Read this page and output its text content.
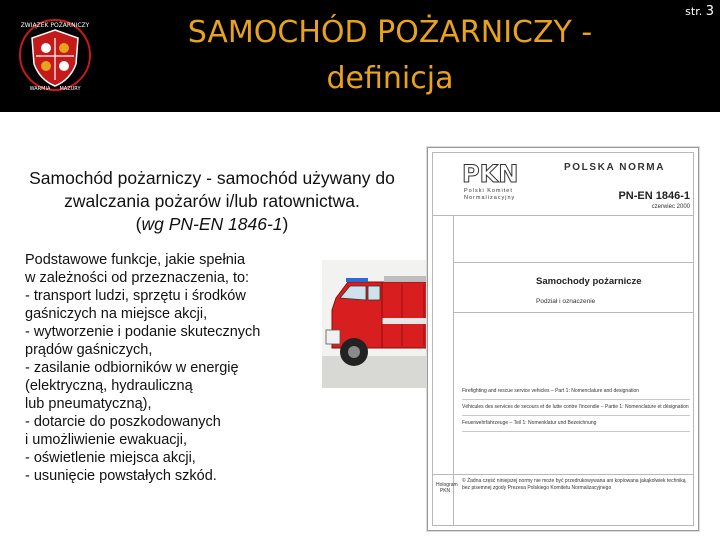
ZWIĄZEK POŻARNICZY
WARMIA MAZURY
SAMOCHÓD POŻARNICZY -
definicja
str. 3
Samochód pożarniczy - samochód używany do zwalczania pożarów i/lub ratownictwa.
(wg PN-EN 1846-1)
Podstawowe funkcje, jakie spełnia
w zależności od przeznaczenia, to:
- transport ludzi, sprzętu i środków
gaśniczych na miejsce akcji,
- wytworzenie i podanie skutecznych
prądów gaśniczych,
- zasilanie odbiorników w energię
(elektryczną, hydrauliczną
lub pneumatyczną),
- dotarcie do poszkodowanych
i umożliwienie ewakuacji,
- oświetlenie miejsca akcji,
- usunięcie powstałych szkód.
PKN
Polski Komitet
Normalizacyjny
POLSKA NORMA
PN-EN 1846-1
czerwiec 2000
Samochody pożarnicze
Podział i oznaczenie
Firefighting and rescue service vehicles – Part 1: Nomenclature and designation
Véhicules des services de secours et de lutte contre l'incendie – Partie 1: Nomenclature et désignation
Feuerwehrfahrzeuge – Teil 1: Nomenklatur und Bezeichnung
Hologram PKN
© Żadna część niniejszej normy nie może być przedrukowywana ani kopiowana jakąkolwiek techniką bez pisemnej zgody Prezesa Polskiego Komitetu Normalizacyjnego
